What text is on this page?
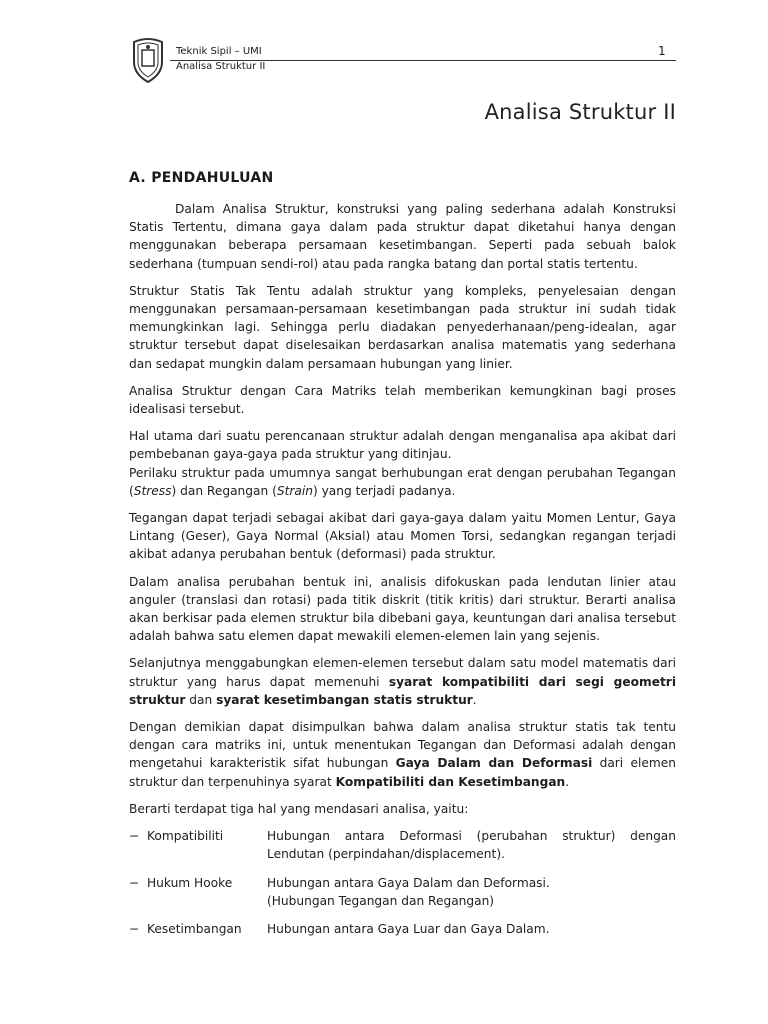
Teknik Sipil – UMI
Analisa Struktur II
1
Analisa Struktur II
A. PENDAHULUAN

Dalam Analisa Struktur, konstruksi yang paling sederhana adalah Konstruksi Statis Tertentu, dimana gaya dalam pada struktur dapat diketahui hanya dengan menggunakan beberapa persamaan kesetimbangan. Seperti pada sebuah balok sederhana (tumpuan sendi-rol) atau pada rangka batang dan portal statis tertentu.

Struktur Statis Tak Tentu adalah struktur yang kompleks, penyelesaian dengan menggunakan persamaan-persamaan kesetimbangan pada struktur ini sudah tidak memungkinkan lagi. Sehingga perlu diadakan penyederhanaan/peng-idealan, agar struktur tersebut dapat diselesaikan berdasarkan analisa matematis yang sederhana dan sedapat mungkin dalam persamaan hubungan yang linier.

Analisa Struktur dengan Cara Matriks telah memberikan kemungkinan bagi proses idealisasi tersebut.

Hal utama dari suatu perencanaan struktur adalah dengan menganalisa apa akibat dari pembebanan gaya-gaya pada struktur yang ditinjau.

Perilaku struktur pada umumnya sangat berhubungan erat dengan perubahan Tegangan (Stress) dan Regangan (Strain) yang terjadi padanya.

Tegangan dapat terjadi sebagai akibat dari gaya-gaya dalam yaitu Momen Lentur, Gaya Lintang (Geser), Gaya Normal (Aksial) atau Momen Torsi, sedangkan regangan terjadi akibat adanya perubahan bentuk (deformasi) pada struktur.

Dalam analisa perubahan bentuk ini, analisis difokuskan pada lendutan linier atau anguler (translasi dan rotasi) pada titik diskrit (titik kritis) dari struktur. Berarti analisa akan berkisar pada elemen struktur bila dibebani gaya, keuntungan dari analisa tersebut adalah bahwa satu elemen dapat mewakili elemen-elemen lain yang sejenis.

Selanjutnya menggabungkan elemen-elemen tersebut dalam satu model matematis dari struktur yang harus dapat memenuhi syarat kompatibiliti dari segi geometri struktur dan syarat kesetimbangan statis struktur.

Dengan demikian dapat disimpulkan bahwa dalam analisa struktur statis tak tentu dengan cara matriks ini, untuk menentukan Tegangan dan Deformasi adalah dengan mengetahui karakteristik sifat hubungan Gaya Dalam dan Deformasi dari elemen struktur dan terpenuhinya syarat Kompatibiliti dan Kesetimbangan.

Berarti terdapat tiga hal yang mendasari analisa, yaitu:

− Kompatibiliti	Hubungan antara Deformasi (perubahan struktur) dengan Lendutan (perpindahan/displacement).
− Hukum Hooke	Hubungan antara Gaya Dalam dan Deformasi.
(Hubungan Tegangan dan Regangan)
− Kesetimbangan	Hubungan antara Gaya Luar dan Gaya Dalam.
